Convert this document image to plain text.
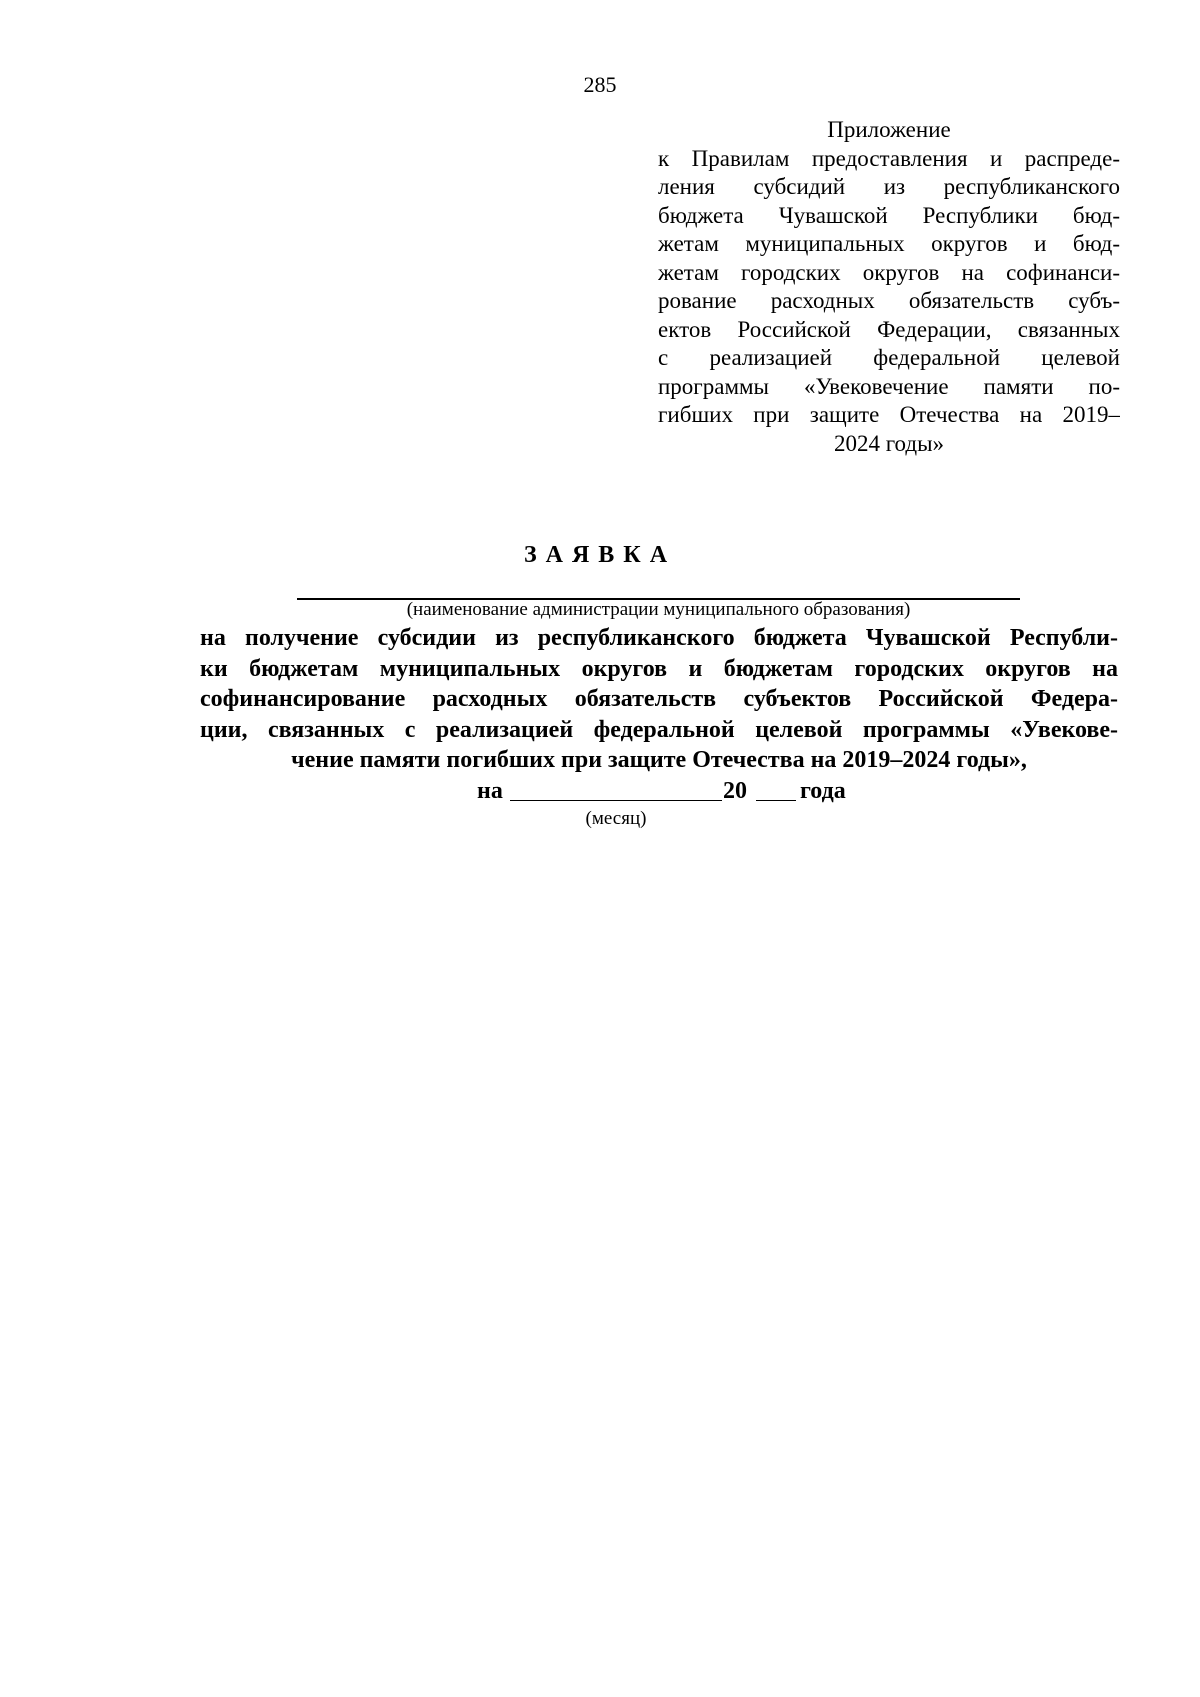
285
Приложение
к Правилам предоставления и распреде-
ления субсидий из республиканского
бюджета Чувашской Республики бюд-
жетам муниципальных округов и бюд-
жетам городских округов на софинанси-
рование расходных обязательств субъ-
ектов Российской Федерации, связанных
с реализацией федеральной целевой
программы «Увековечение памяти по-
гибших при защите Отечества на 2019–
2024 годы»
ЗАЯВКА
(наименование администрации муниципального образования)
на получение субсидии из республиканского бюджета Чувашской Республи-
ки бюджетам муниципальных округов и бюджетам городских округов на
софинансирование расходных обязательств субъектов Российской Федера-
ции, связанных с реализацией федеральной целевой программы «Увекове-
чение памяти погибших при защите Отечества на 2019–2024 годы»,
на	20 года
(месяц)
